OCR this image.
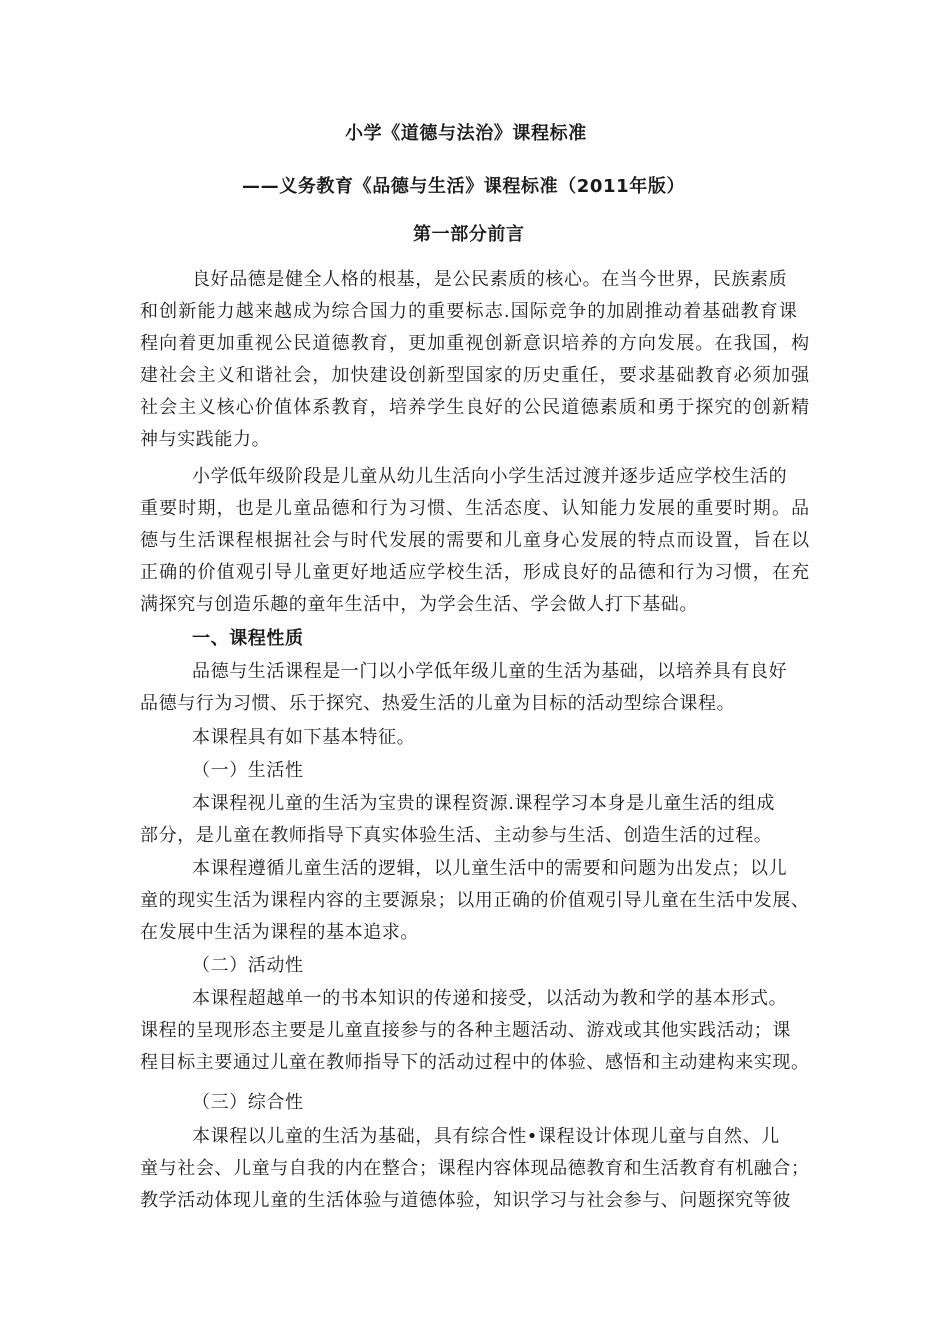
小学《道德与法治》课程标准
——义务教育《品德与生活》课程标准（2011年版）
第一部分前言
良好品德是健全人格的根基，是公民素质的核心。在当今世界，民族素质
和创新能力越来越成为综合国力的重要标志.国际竞争的加剧推动着基础教育课
程向着更加重视公民道德教育，更加重视创新意识培养的方向发展。在我国，构
建社会主义和谐社会，加快建设创新型国家的历史重任，要求基础教育必须加强
社会主义核心价值体系教育，培养学生良好的公民道德素质和勇于探究的创新精
神与实践能力。
小学低年级阶段是儿童从幼儿生活向小学生活过渡并逐步适应学校生活的
重要时期，也是儿童品德和行为习惯、生活态度、认知能力发展的重要时期。品
德与生活课程根据社会与时代发展的需要和儿童身心发展的特点而设置，旨在以
正确的价值观引导儿童更好地适应学校生活，形成良好的品德和行为习惯，在充
满探究与创造乐趣的童年生活中，为学会生活、学会做人打下基础。
一、课程性质
品德与生活课程是一门以小学低年级儿童的生活为基础，以培养具有良好
品德与行为习惯、乐于探究、热爱生活的儿童为目标的活动型综合课程。
本课程具有如下基本特征。
（一）生活性
本课程视儿童的生活为宝贵的课程资源.课程学习本身是儿童生活的组成
部分，是儿童在教师指导下真实体验生活、主动参与生活、创造生活的过程。
本课程遵循儿童生活的逻辑，以儿童生活中的需要和问题为出发点；以儿
童的现实生活为课程内容的主要源泉；以用正确的价值观引导儿童在生活中发展、
在发展中生活为课程的基本追求。
（二）活动性
本课程超越单一的书本知识的传递和接受，以活动为教和学的基本形式。
课程的呈现形态主要是儿童直接参与的各种主题活动、游戏或其他实践活动；课
程目标主要通过儿童在教师指导下的活动过程中的体验、感悟和主动建构来实现。
（三）综合性
本课程以儿童的生活为基础，具有综合性•课程设计体现儿童与自然、儿
童与社会、儿童与自我的内在整合；课程内容体现品德教育和生活教育有机融合；
教学活动体现儿童的生活体验与道德体验，知识学习与社会参与、问题探究等彼
